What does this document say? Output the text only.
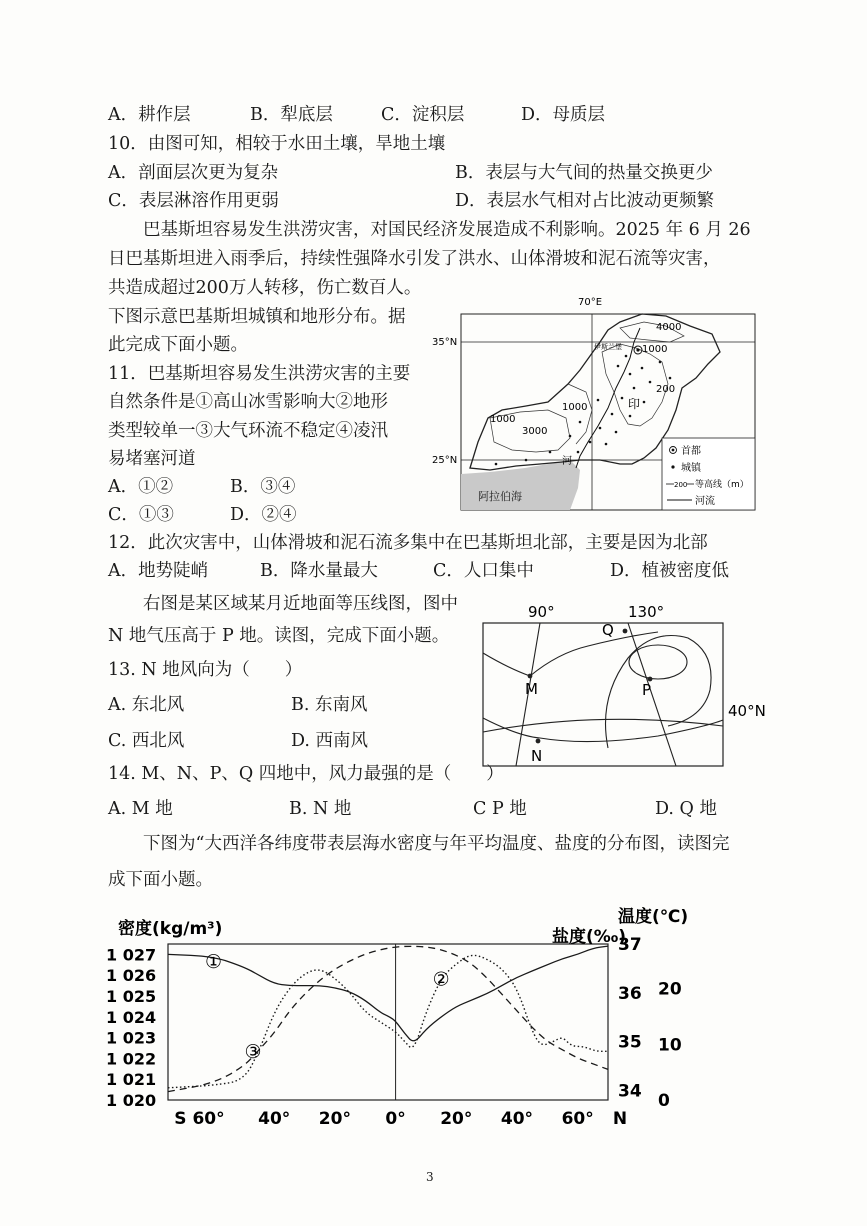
A．耕作层	B．犁底层	C．淀积层	D．母质层
10．由图可知，相较于水田土壤，旱地土壤
A．剖面层次更为复杂	B．表层与大气间的热量交换更少
C．表层淋溶作用更弱	D．表层水气相对占比波动更频繁
巴基斯坦容易发生洪涝灾害，对国民经济发展造成不利影响。2025 年 6 月 26
日巴基斯坦进入雨季后，持续性强降水引发了洪水、山体滑坡和泥石流等灾害，
共造成超过200万人转移，伤亡数百人。
下图示意巴基斯坦城镇和地形分布。据
此完成下面小题。
11．巴基斯坦容易发生洪涝灾害的主要
自然条件是①高山冰雪影响大②地形
类型较单一③大气环流不稳定④凌汛
易堵塞河道
A．①②	B．③④
C．①③	D．②④
70°E
35°N
25°N
阿拉伯海
4000
1000
200
1000
3000
1000
印
河
伊斯兰堡
首都
城镇
200 等高线（m）
河流
12．此次灾害中，山体滑坡和泥石流多集中在巴基斯坦北部，主要是因为北部
A．地势陡峭	B．降水量最大	C．人口集中	D．植被密度低
右图是某区域某月近地面等压线图，图中
N 地气压高于 P 地。读图，完成下面小题。
13. N 地风向为（　　）
A. 东北风	B. 东南风
C. 西北风	D. 西南风
90°	130°
40°N
M
N
P
Q
14. M、N、P、Q 四地中，风力最强的是（　　）
A. M 地	B. N 地	C P 地	D. Q 地
下图为“大西洋各纬度带表层海水密度与年平均温度、盐度的分布图，读图完
成下面小题。
密度(kg/m³)	盐度(‰)
温度(℃)
1 027
1 026
1 025
1 024
1 023
1 022
1 021
1 020
37
36
35
34
20
10
0
S 60° 40° 20° 0° 20° 40° 60° N
①
②
③
3
